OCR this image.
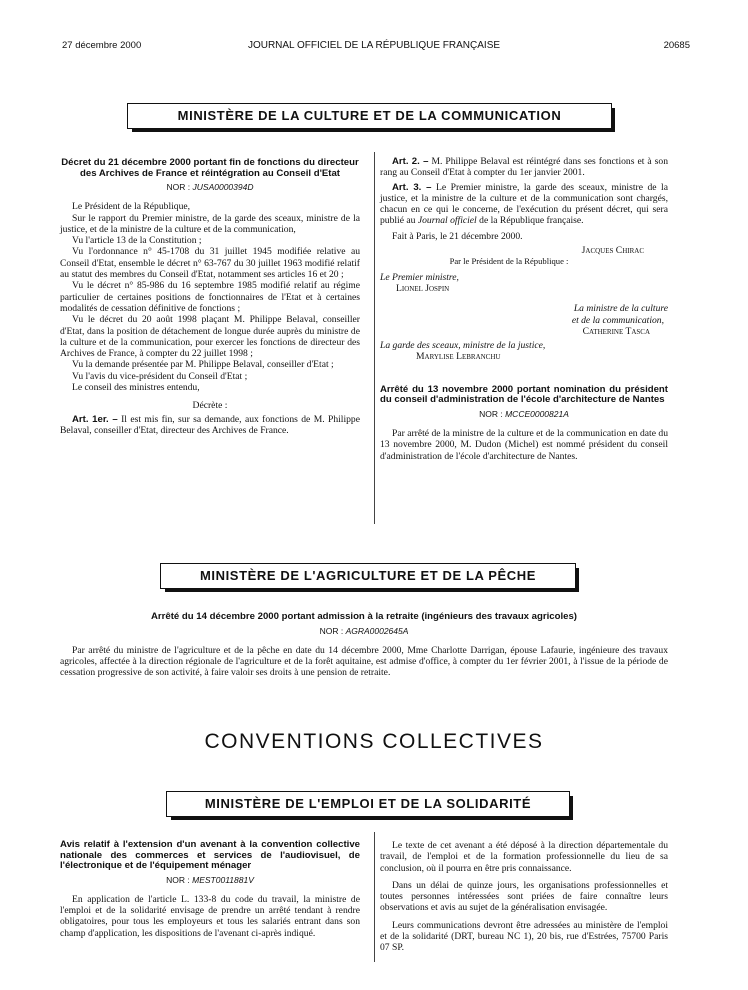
27 décembre 2000	JOURNAL OFFICIEL DE LA RÉPUBLIQUE FRANÇAISE	20685
MINISTÈRE DE LA CULTURE ET DE LA COMMUNICATION
Décret du 21 décembre 2000 portant fin de fonctions du directeur des Archives de France et réintégration au Conseil d'Etat
NOR : JUSA0000394D

Le Président de la République,

Sur le rapport du Premier ministre, de la garde des sceaux, ministre de la justice, et de la ministre de la culture et de la communication,

Vu l'article 13 de la Constitution ;

Vu l'ordonnance n° 45-1708 du 31 juillet 1945 modifiée relative au Conseil d'Etat, ensemble le décret n° 63-767 du 30 juillet 1963 modifié relatif au statut des membres du Conseil d'Etat, notamment ses articles 16 et 20 ;

Vu le décret n° 85-986 du 16 septembre 1985 modifié relatif au régime particulier de certaines positions de fonctionnaires de l'Etat et à certaines modalités de cessation définitive de fonctions ;

Vu le décret du 20 août 1998 plaçant M. Philippe Belaval, conseiller d'Etat, dans la position de détachement de longue durée auprès du ministre de la culture et de la communication, pour exercer les fonctions de directeur des Archives de France, à compter du 22 juillet 1998 ;

Vu la demande présentée par M. Philippe Belaval, conseiller d'Etat ;

Vu l'avis du vice-président du Conseil d'Etat ;

Le conseil des ministres entendu,

Décrète :

Art. 1er. – Il est mis fin, sur sa demande, aux fonctions de M. Philippe Belaval, conseiller d'Etat, directeur des Archives de France.

Art. 2. – M. Philippe Belaval est réintégré dans ses fonctions et à son rang au Conseil d'Etat à compter du 1er janvier 2001.

Art. 3. – Le Premier ministre, la garde des sceaux, ministre de la justice, et la ministre de la culture et de la communication sont chargés, chacun en ce qui le concerne, de l'exécution du présent décret, qui sera publié au Journal officiel de la République française.

Fait à Paris, le 21 décembre 2000.

Jacques Chirac

Par le Président de la République :

Le Premier ministre,

Lionel Jospin

La ministre de la culture

et de la communication,

Catherine Tasca

La garde des sceaux, ministre de la justice,

Marylise Lebranchu

Arrêté du 13 novembre 2000 portant nomination du président du conseil d'administration de l'école d'architecture de Nantes
NOR : MCCE0000821A

Par arrêté de la ministre de la culture et de la communication en date du 13 novembre 2000, M. Dudon (Michel) est nommé président du conseil d'administration de l'école d'architecture de Nantes.

MINISTÈRE DE L'AGRICULTURE ET DE LA PÊCHE
Arrêté du 14 décembre 2000 portant admission à la retraite (ingénieurs des travaux agricoles)
NOR : AGRA0002645A

Par arrêté du ministre de l'agriculture et de la pêche en date du 14 décembre 2000, Mme Charlotte Darrigan, épouse Lafaurie, ingénieure des travaux agricoles, affectée à la direction régionale de l'agriculture et de la forêt aquitaine, est admise d'office, à compter du 1er février 2001, à l'issue de la période de cessation progressive de son activité, à faire valoir ses droits à une pension de retraite.

CONVENTIONS COLLECTIVES
MINISTÈRE DE L'EMPLOI ET DE LA SOLIDARITÉ
Avis relatif à l'extension d'un avenant à la convention collective nationale des commerces et services de l'audiovisuel, de l'électronique et de l'équipement ménager
NOR : MEST0011881V

En application de l'article L. 133-8 du code du travail, la ministre de l'emploi et de la solidarité envisage de prendre un arrêté tendant à rendre obligatoires, pour tous les employeurs et tous les salariés entrant dans son champ d'application, les dispositions de l'avenant ci-après indiqué.

Le texte de cet avenant a été déposé à la direction départementale du travail, de l'emploi et de la formation professionnelle du lieu de sa conclusion, où il pourra en être pris connaissance.

Dans un délai de quinze jours, les organisations professionnelles et toutes personnes intéressées sont priées de faire connaître leurs observations et avis au sujet de la généralisation envisagée.

Leurs communications devront être adressées au ministère de l'emploi et de la solidarité (DRT, bureau NC 1), 20 bis, rue d'Estrées, 75700 Paris 07 SP.
